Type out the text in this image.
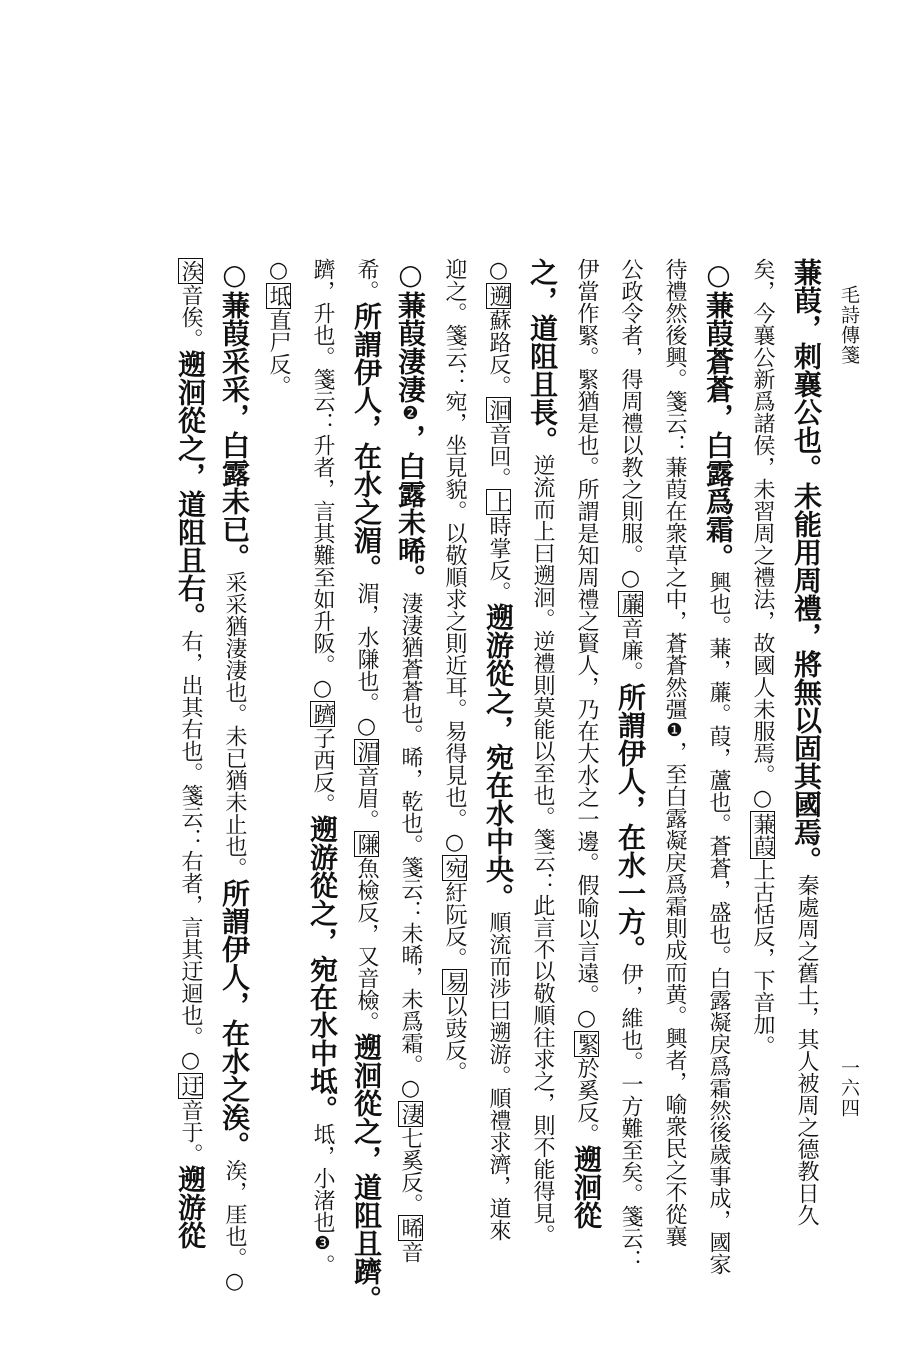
毛詩傳箋
一六四
蒹葭，刺襄公也。未能用周禮，將無以固其國焉。秦處周之舊土，其人被周之德教日久
矣，今襄公新爲諸侯，未習周之禮法，故國人未服焉。○蒹葭上古恬反，下音加。
○蒹葭蒼蒼，白露爲霜。興也。蒹，薕。葭，蘆也。蒼蒼，盛也。白露凝戾爲霜然後歲事成，國家
待禮然後興。箋云：蒹葭在衆草之中，蒼蒼然彊❶，至白露凝戾爲霜則成而黄。興者，喻衆民之不從襄
公政令者，得周禮以教之則服。○薕音廉。所謂伊人，在水一方。伊，維也。一方難至矣。箋云：
伊當作緊。緊猶是也。所謂是知周禮之賢人，乃在大水之一邊。假喻以言遠。○緊於奚反。遡洄從
之，道阻且長。逆流而上曰遡洄。逆禮則莫能以至也。箋云：此言不以敬順往求之，則不能得見。
○遡蘇路反。洄音回。上時掌反。遡游從之，宛在水中央。順流而涉曰遡游。順禮求濟，道來
迎之。箋云：宛，坐見貌。以敬順求之則近耳。易得見也。○宛紆阮反。易以豉反。
○蒹葭淒淒❷，白露未晞。淒淒猶蒼蒼也。晞，乾也。箋云：未晞，未爲霜。○淒七奚反。晞音
希。所謂伊人，在水之湄。湄，水隒也。○湄音眉。隒魚檢反，又音檢。遡洄從之，道阻且躋。
躋，升也。箋云：升者，言其難至如升阪。○躋子西反。遡游從之，宛在水中坻。坻，小渚也❸。
○坻直尸反。
○蒹葭采采，白露未已。采采猶淒淒也。未已猶未止也。所謂伊人，在水之涘。涘，厓也。○
涘音俟。遡洄從之，道阻且右。右，出其右也。箋云：右者，言其迂迴也。○迂音于。遡游從
